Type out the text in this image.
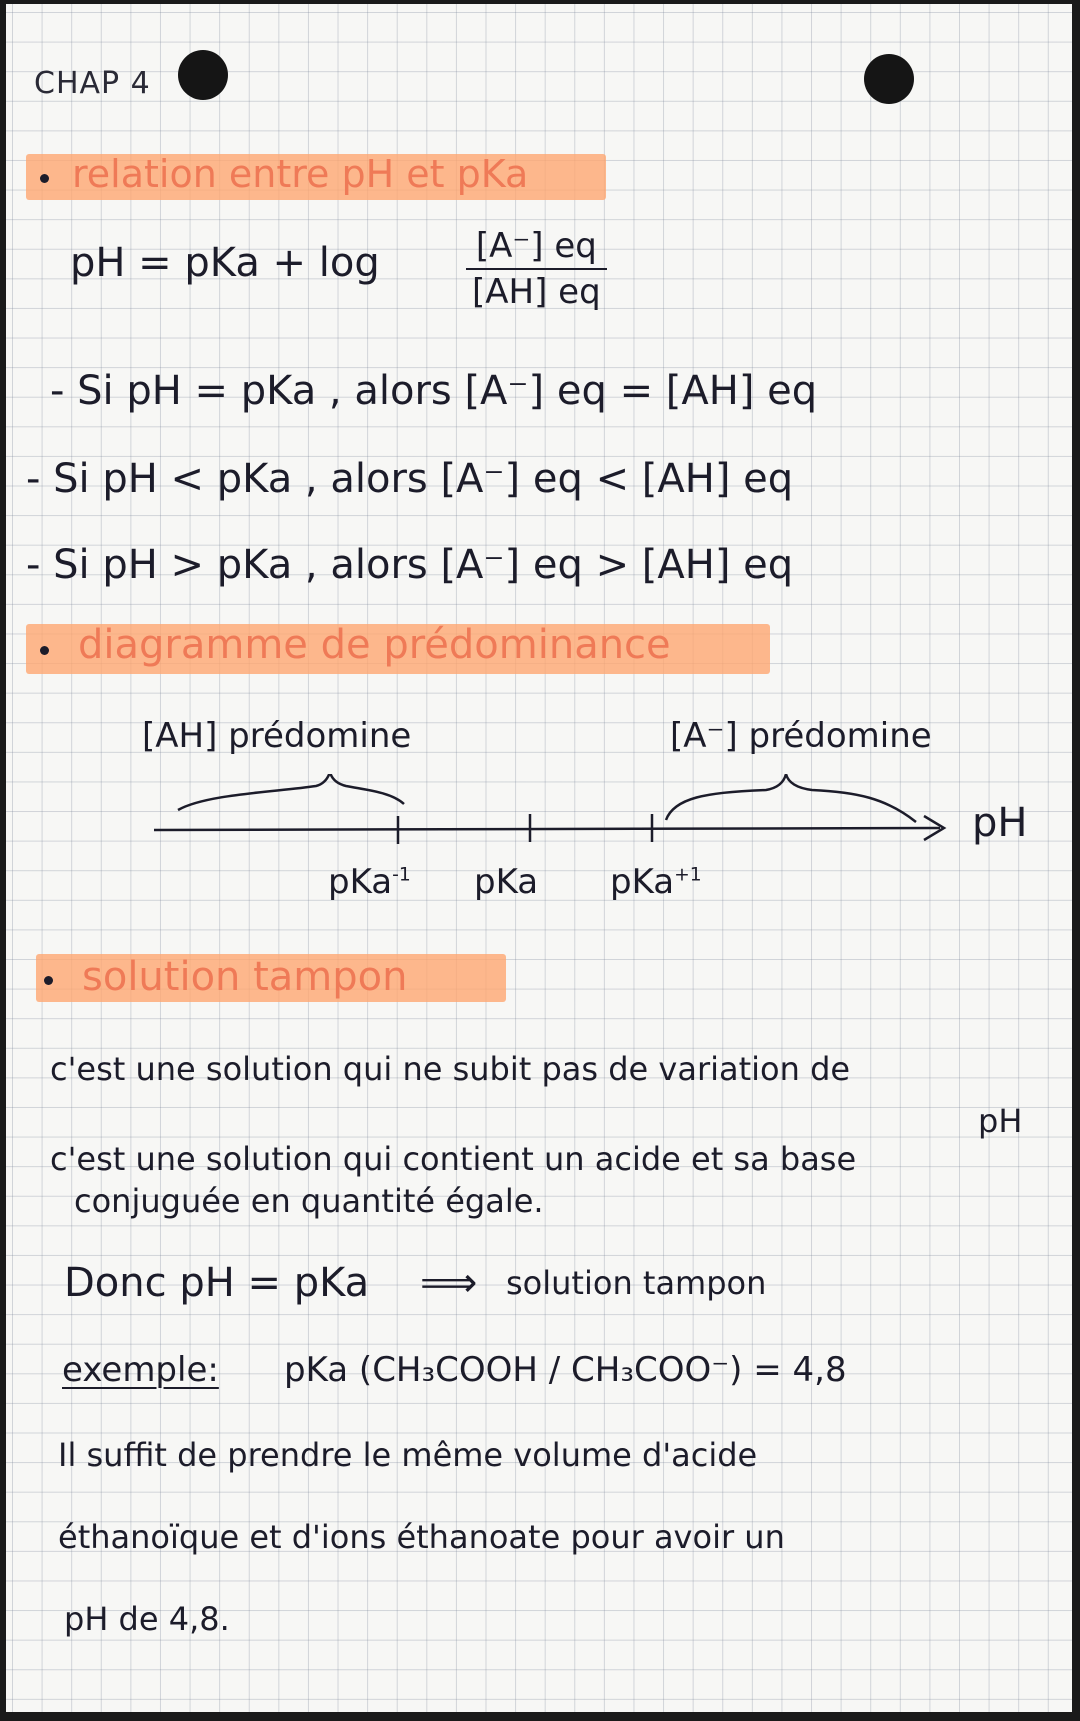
CHAP 4
relation entre pH et pKa
pH = pKa + $\log \frac{[A^-] eq}{[AH] eq}$
- Si pH = pKa , alors [A⁻] eq = [AH] eq
- Si pH < pKa , alors [A⁻] eq < [AH] eq
- Si pH > pKa , alors [A⁻] eq > [AH] eq
diagramme de prédominance
[AH] prédomine	[A⁻] prédomine
pH
pKa$^{-1}$ pKa pKa$^{+1}$
solution tampon
c'est une solution qui ne subit pas de variation de
pH
c'est une solution qui contient un acide et sa base
conjuguée en quantité égale.
Donc pH = pKa ⟹ solution tampon
exemple: pKa (CH₃COOH / CH₃COO⁻) = 4,8
Il suffit de prendre le même volume d'acide
éthanoïque et d'ions éthanoate pour avoir un
pH de 4,8.
